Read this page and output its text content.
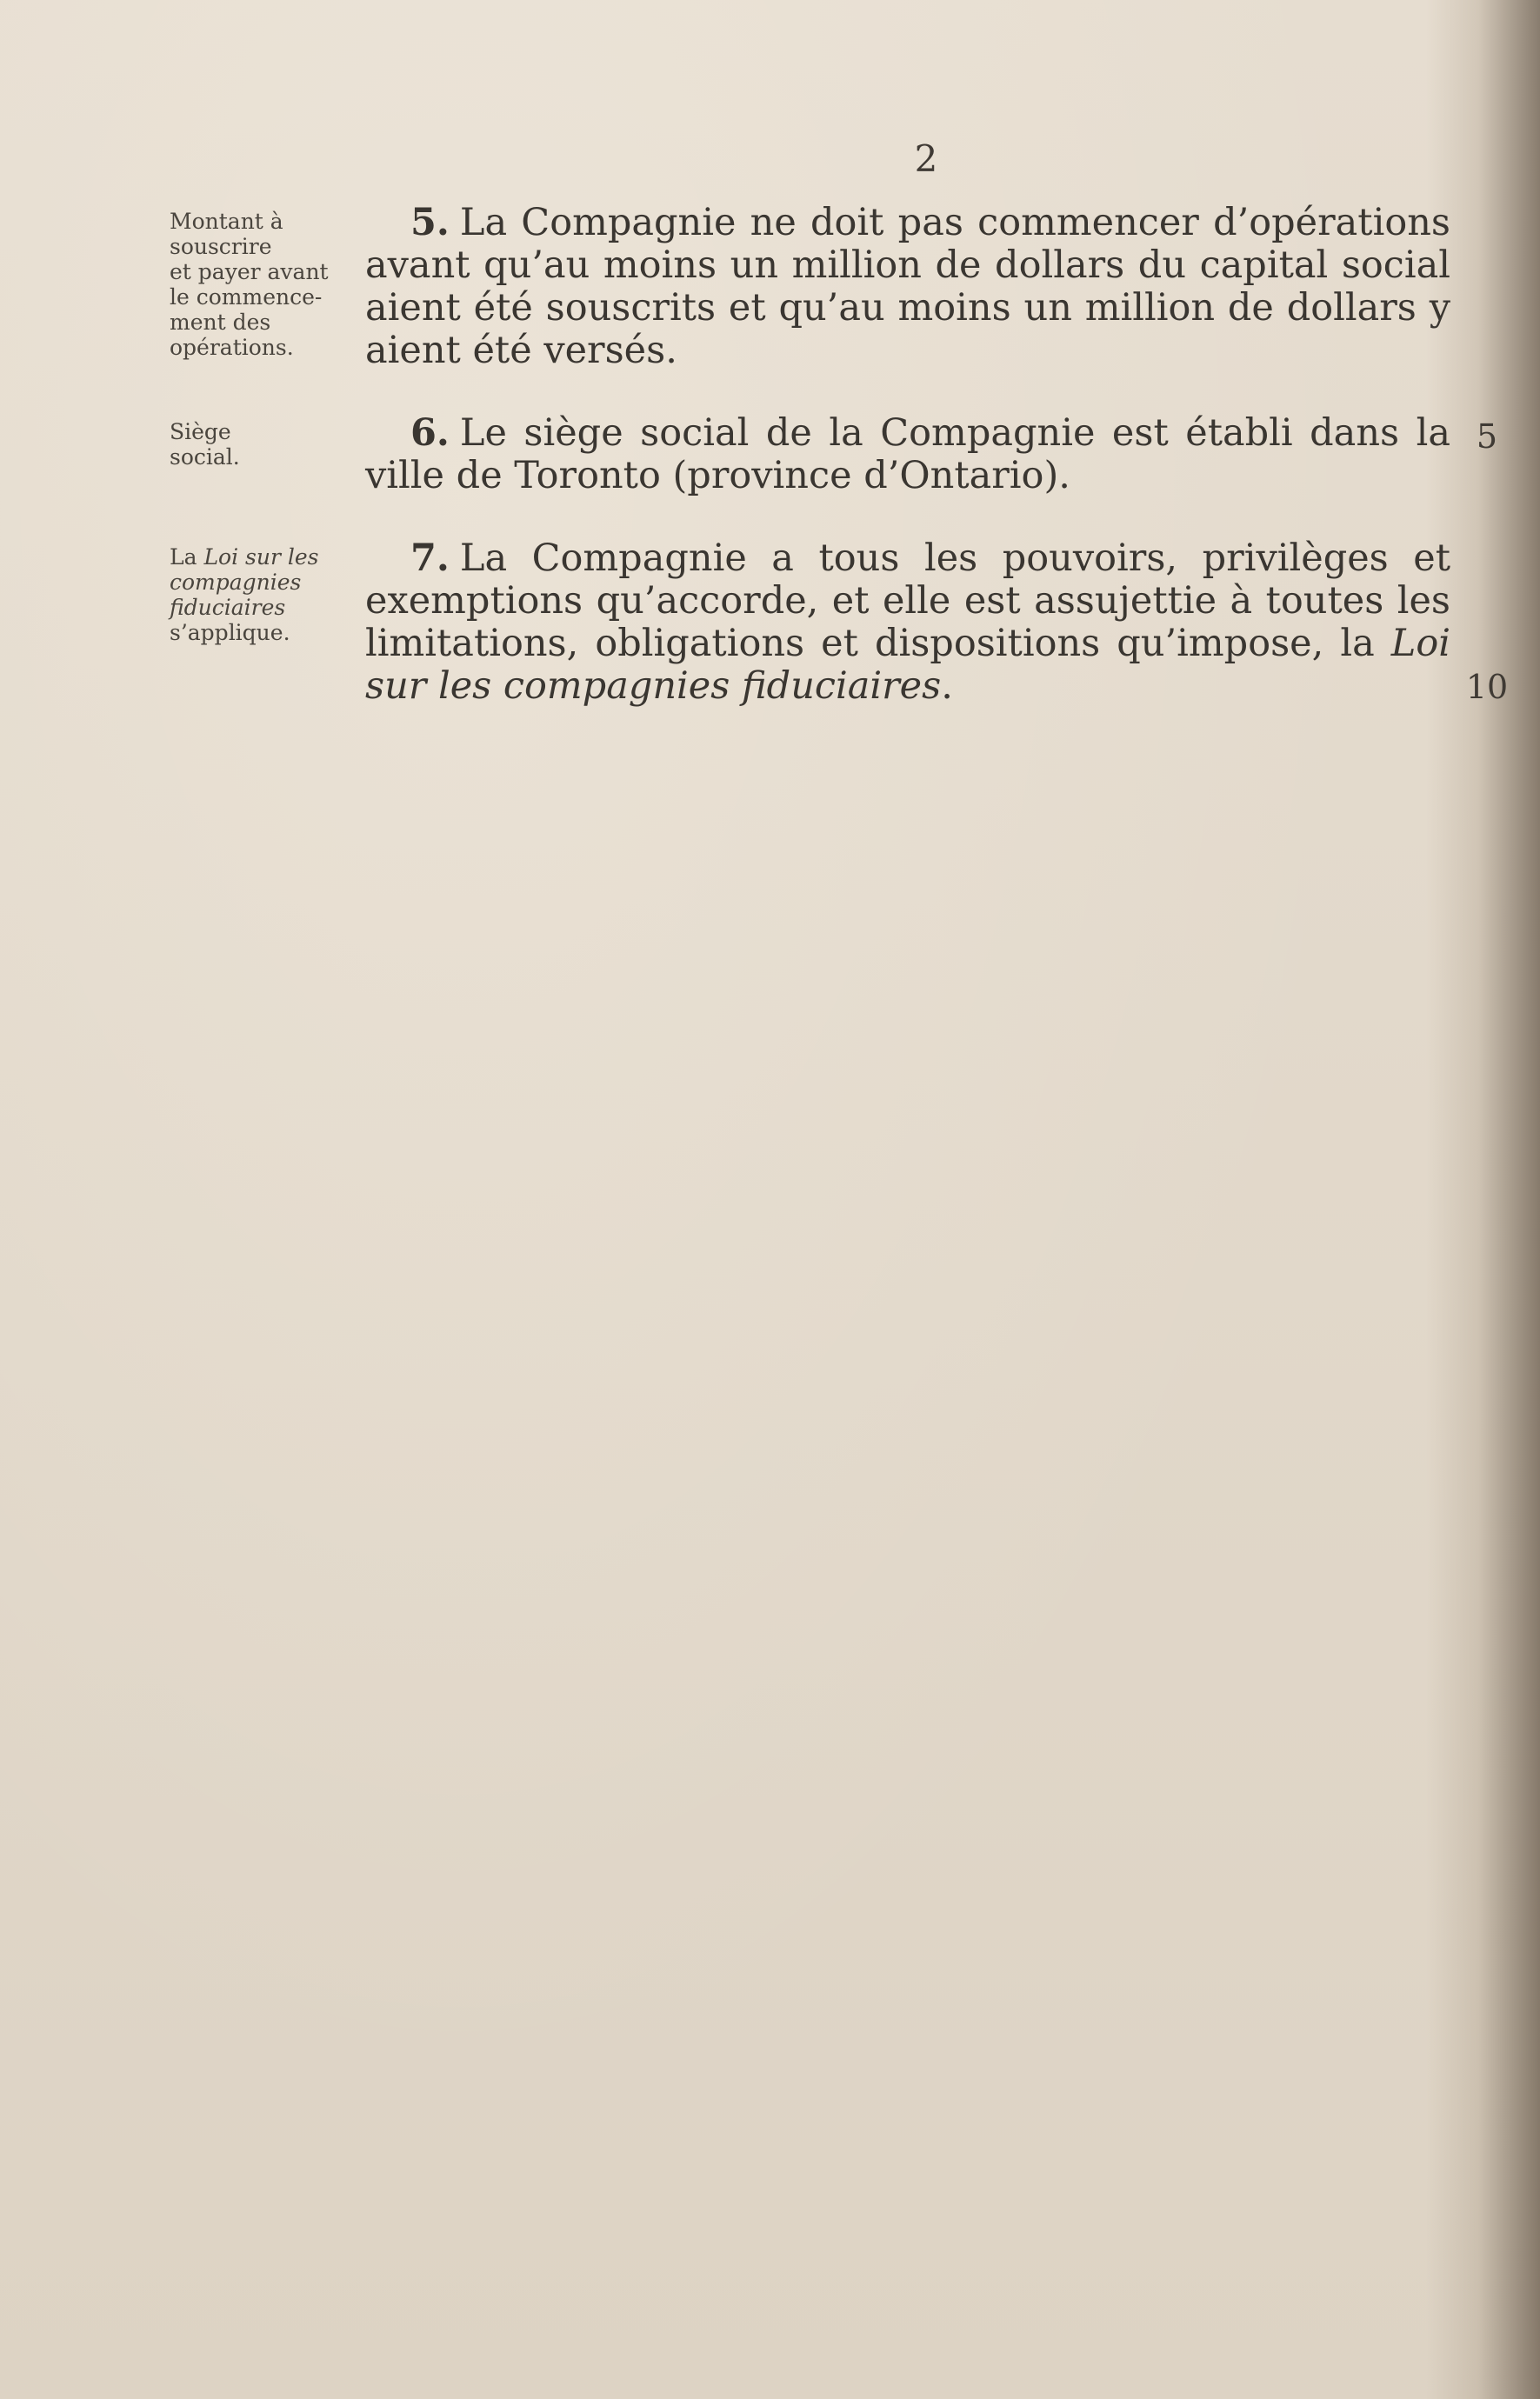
2
Montant à
souscrire
et payer avant
le commence-
ment des
opérations.
5. La Compagnie ne doit pas commencer d’opérations avant qu’au moins un million de dollars du capital social aient été souscrits et qu’au moins un million de dollars y aient été versés.
Siège
social.
6. Le siège social de la Compagnie est établi dans la ville de Toronto (province d’Ontario).
5
La Loi sur les
compagnies
fiduciaires
s’applique.
7. La Compagnie a tous les pouvoirs, privilèges et exemptions qu’accorde, et elle est assujettie à toutes les limitations, obligations et dispositions qu’impose, la Loi sur les compagnies fiduciaires.	10
